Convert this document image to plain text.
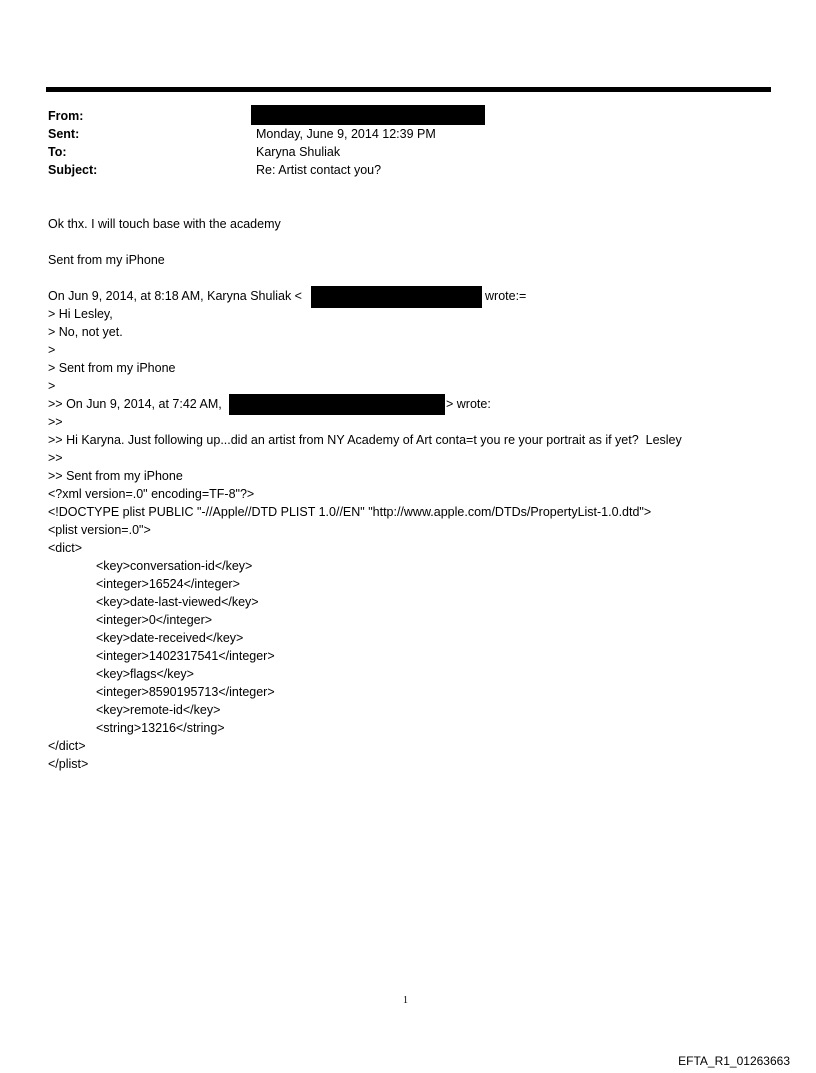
From:
Sent:	Monday, June 9, 2014 12:39 PM
To:	Karyna Shuliak
Subject:	Re: Artist contact you?
Ok thx. I will touch base with the academy
Sent from my iPhone
On Jun 9, 2014, at 8:18 AM, Karyna Shuliak <	wrote:=
> Hi Lesley,
> No, not yet.
>
> Sent from my iPhone
>
>> On Jun 9, 2014, at 7:42 AM,	> wrote:
>>
>> Hi Karyna. Just following up...did an artist from NY Academy of Art conta=t you re your portrait as if yet?  Lesley
>>
>> Sent from my iPhone
<?xml version=.0" encoding=TF-8"?>
<!DOCTYPE plist PUBLIC "-//Apple//DTD PLIST 1.0//EN" "http://www.apple.com/DTDs/PropertyList-1.0.dtd">
<plist version=.0">
<dict>
<key>conversation-id</key>
<integer>16524</integer>
<key>date-last-viewed</key>
<integer>0</integer>
<key>date-received</key>
<integer>1402317541</integer>
<key>flags</key>
<integer>8590195713</integer>
<key>remote-id</key>
<string>13216</string>
</dict>
</plist>
1
EFTA_R1_01263663
